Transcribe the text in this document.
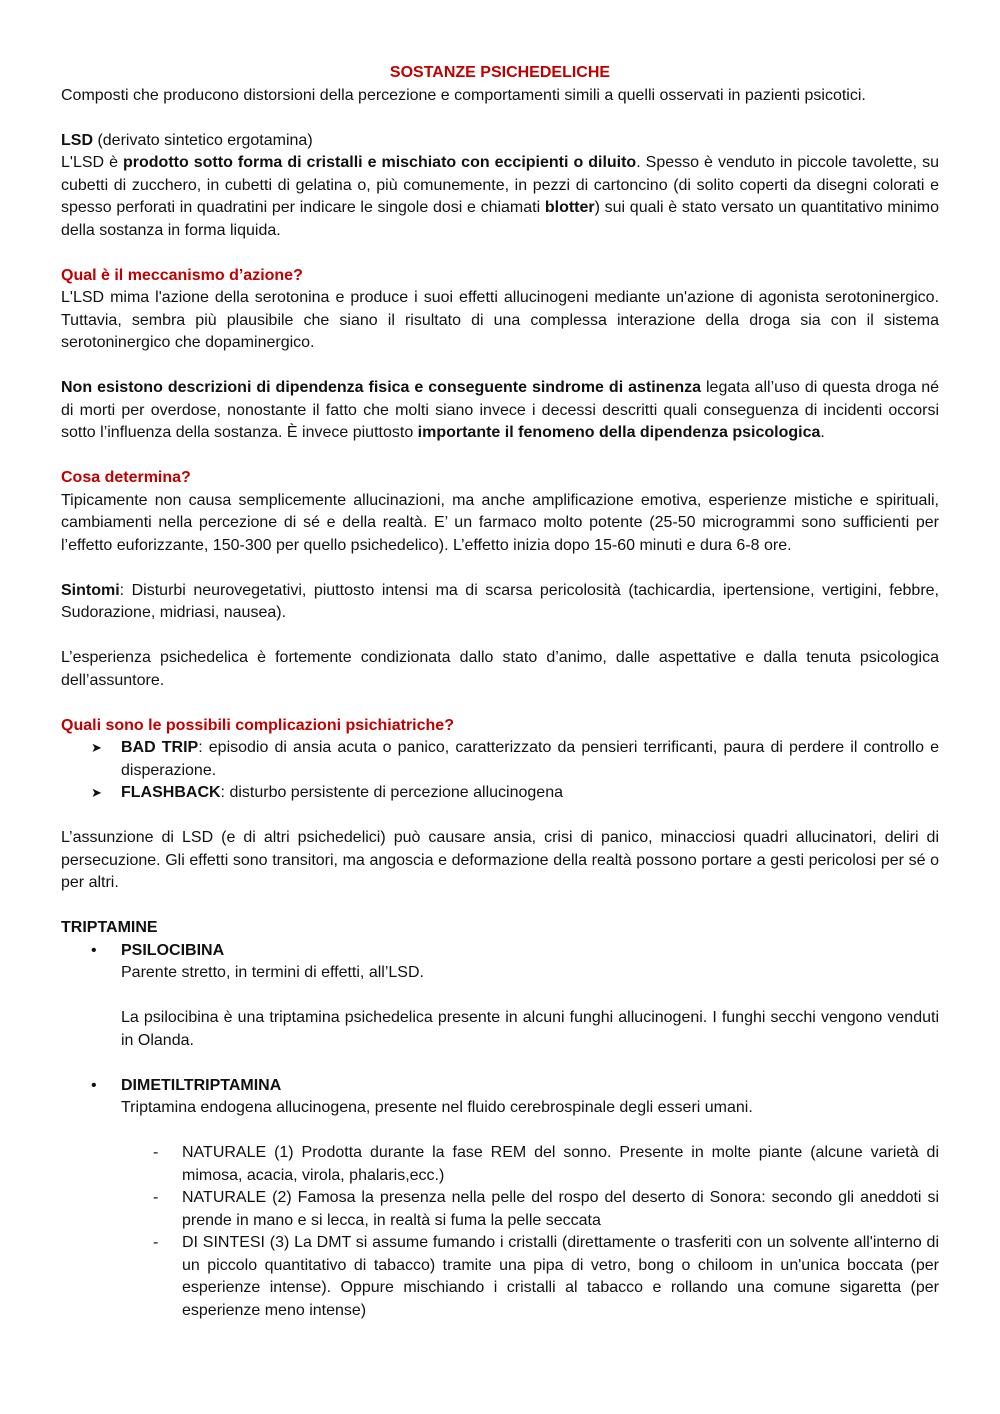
SOSTANZE PSICHEDELICHE

Composti che producono distorsioni della percezione e comportamenti simili a quelli osservati in pazienti psicotici.

LSD (derivato sintetico ergotamina)

L'LSD è prodotto sotto forma di cristalli e mischiato con eccipienti o diluito. Spesso è venduto in piccole tavolette, su cubetti di zucchero, in cubetti di gelatina o, più comunemente, in pezzi di cartoncino (di solito coperti da disegni colorati e spesso perforati in quadratini per indicare le singole dosi e chiamati blotter) sui quali è stato versato un quantitativo minimo della sostanza in forma liquida.

Qual è il meccanismo d’azione?

L'LSD mima l'azione della serotonina e produce i suoi effetti allucinogeni mediante un'azione di agonista serotoninergico. Tuttavia, sembra più plausibile che siano il risultato di una complessa interazione della droga sia con il sistema serotoninergico che dopaminergico.

Non esistono descrizioni di dipendenza fisica e conseguente sindrome di astinenza legata all’uso di questa droga né di morti per overdose, nonostante il fatto che molti siano invece i decessi descritti quali conseguenza di incidenti occorsi sotto l’influenza della sostanza. È invece piuttosto importante il fenomeno della dipendenza psicologica.

Cosa determina?

Tipicamente non causa semplicemente allucinazioni, ma anche amplificazione emotiva, esperienze mistiche e spirituali, cambiamenti nella percezione di sé e della realtà. E’ un farmaco molto potente (25-50 microgrammi sono sufficienti per l’effetto euforizzante, 150-300 per quello psichedelico). L’effetto inizia dopo 15-60 minuti e dura 6-8 ore.

Sintomi: Disturbi neurovegetativi, piuttosto intensi ma di scarsa pericolosità (tachicardia, ipertensione, vertigini, febbre, Sudorazione, midriasi, nausea).

L’esperienza psichedelica è fortemente condizionata dallo stato d’animo, dalle aspettative e dalla tenuta psicologica dell’assuntore.

Quali sono le possibili complicazioni psichiatriche?

➤	BAD TRIP: episodio di ansia acuta o panico, caratterizzato da pensieri terrificanti, paura di perdere il controllo e disperazione.
➤	FLASHBACK: disturbo persistente di percezione allucinogena

L’assunzione di LSD (e di altri psichedelici) può causare ansia, crisi di panico, minacciosi quadri allucinatori, deliri di persecuzione. Gli effetti sono transitori, ma angoscia e deformazione della realtà possono portare a gesti pericolosi per sé o per altri.

TRIPTAMINE

•	PSILOCIBINA

Parente stretto, in termini di effetti, all’LSD.

La psilocibina è una triptamina psichedelica presente in alcuni funghi allucinogeni. I funghi secchi vengono venduti in Olanda.

•	DIMETILTRIPTAMINA

Triptamina endogena allucinogena, presente nel fluido cerebrospinale degli esseri umani.

-	NATURALE (1) Prodotta durante la fase REM del sonno. Presente in molte piante (alcune varietà di mimosa, acacia, virola, phalaris,ecc.)
-	NATURALE (2) Famosa la presenza nella pelle del rospo del deserto di Sonora: secondo gli aneddoti si prende in mano e si lecca, in realtà si fuma la pelle seccata
-	DI SINTESI (3) La DMT si assume fumando i cristalli (direttamente o trasferiti con un solvente all'interno di un piccolo quantitativo di tabacco) tramite una pipa di vetro, bong o chiloom in un'unica boccata (per esperienze intense). Oppure mischiando i cristalli al tabacco e rollando una comune sigaretta (per esperienze meno intense)
